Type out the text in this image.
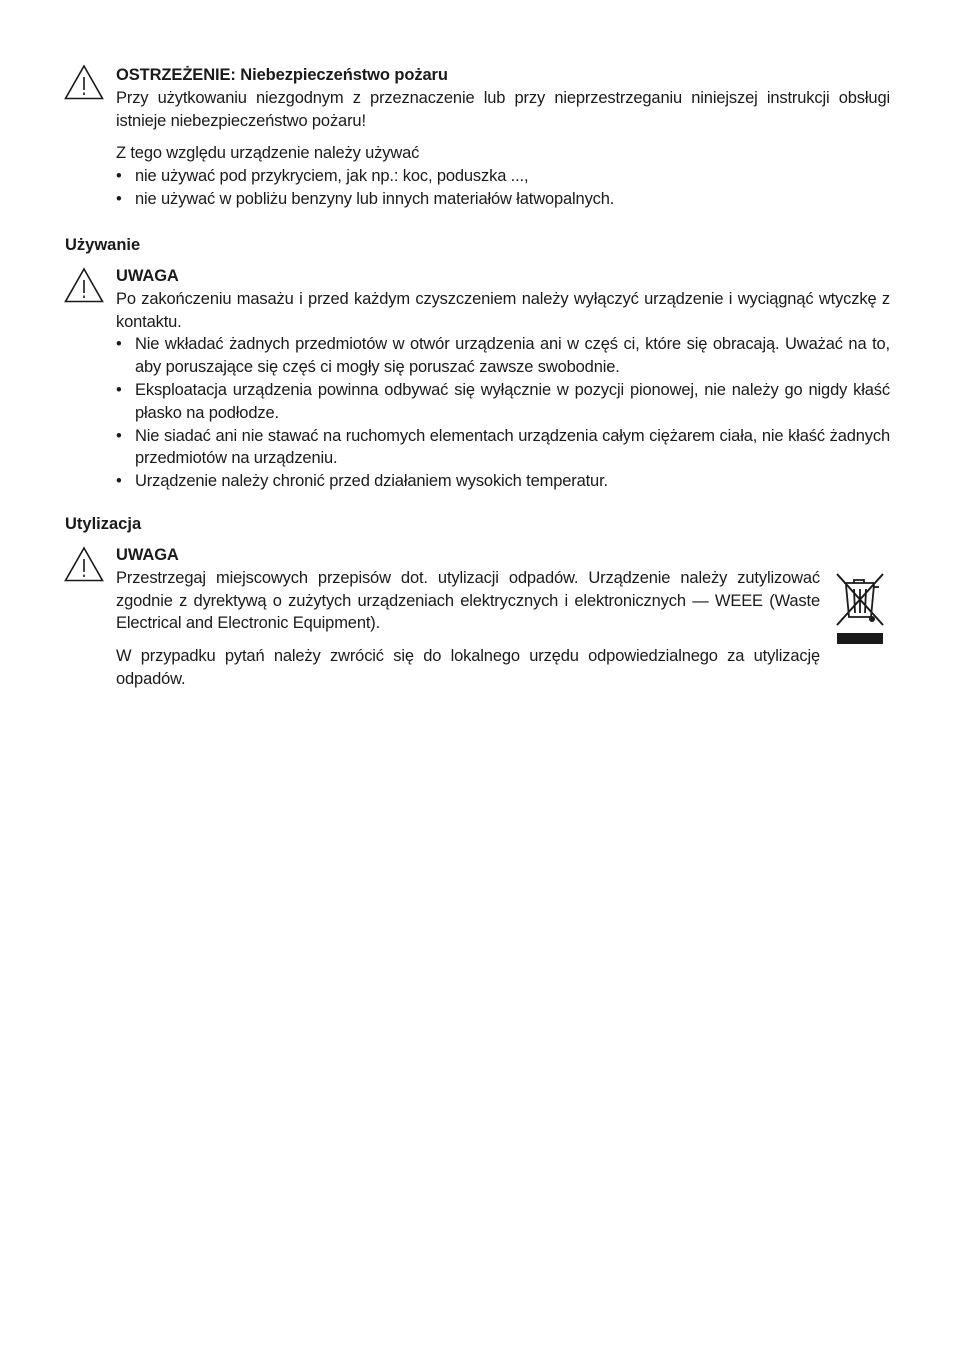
OSTRZEŻENIE: Niebezpieczeństwo pożaru

Przy użytkowaniu niezgodnym z przeznaczenie lub przy nieprzestrzeganiu niniejszej instrukcji obsługi istnieje niebezpieczeństwo pożaru!

Z tego względu urządzenie należy używać

• nie używać pod przykryciem, jak np.: koc, poduszka ...,
• nie używać w pobliżu benzyny lub innych materiałów łatwopalnych.
Używanie
UWAGA

Po zakończeniu masażu i przed każdym czyszczeniem należy wyłączyć urządzenie i wyciągnąć wtyczkę z kontaktu.

• Nie wkładać żadnych przedmiotów w otwór urządzenia ani w częś ci, które się obracają. Uważać na to, aby poruszające się częś ci mogły się poruszać zawsze swobodnie.
• Eksploatacja urządzenia powinna odbywać się wyłącznie w pozycji pionowej, nie należy go nigdy kłaść płasko na podłodze.
• Nie siadać ani nie stawać na ruchomych elementach urządzenia całym ciężarem ciała, nie kłaść żadnych przedmiotów na urządzeniu.
• Urządzenie należy chronić przed działaniem wysokich temperatur.
Utylizacja
UWAGA

Przestrzegaj miejscowych przepisów dot. utylizacji odpadów. Urządzenie należy zutylizować zgodnie z dyrektywą o zużytych urządzeniach elektrycznych i elektronicznych — WEEE (Waste Electrical and Electronic Equipment).

W przypadku pytań należy zwrócić się do lokalnego urzędu odpowiedzialnego za utylizację odpadów.
